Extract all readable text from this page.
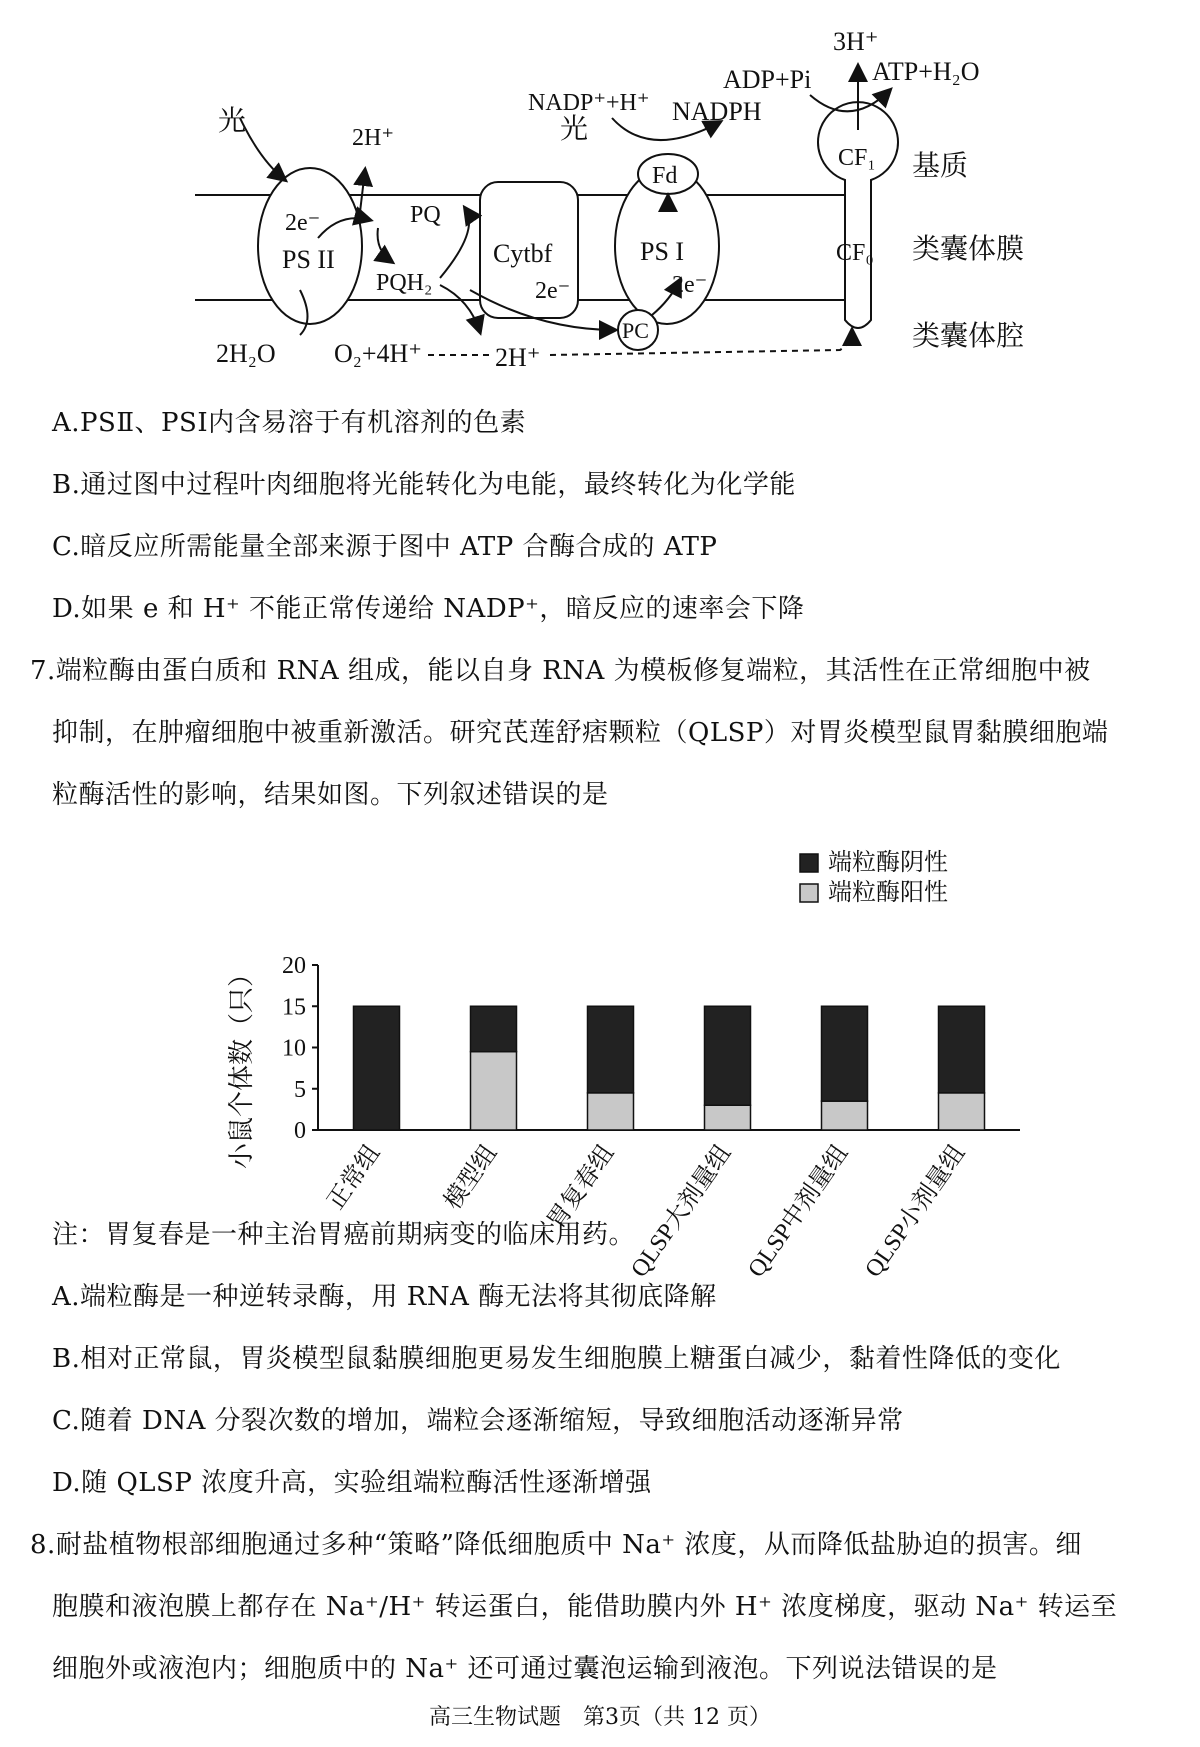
2e⁻
PS II	Cytbf
2e⁻
PS I
2e⁻
Fd
PC
CF₁
CF₀
基质
类囊体膜
类囊体腔
光
2H⁺
NADP⁺+H⁺
光
NADPH
ADP+Pi
3H⁺
ATP+H₂O
2H₂O O₂+4H⁺	2H⁺
PQ
PQH₂
A.PSⅡ、PSⅠ内含易溶于有机溶剂的色素
B.通过图中过程叶肉细胞将光能转化为电能，最终转化为化学能
C.暗反应所需能量全部来源于图中 ATP 合酶合成的 ATP
D.如果 e 和 H⁺ 不能正常传递给 NADP⁺，暗反应的速率会下降
7.端粒酶由蛋白质和 RNA 组成，能以自身 RNA 为模板修复端粒，其活性在正常细胞中被
抑制，在肿瘤细胞中被重新激活。研究芪莲舒痞颗粒（QLSP）对胃炎模型鼠胃黏膜细胞端
粒酶活性的影响，结果如图。下列叙述错误的是
0
5
10
15
20
正常组 模型组 胃复春组 QLSP大剂量组 QLSP中剂量组 QLSP小剂量组
端粒酶阴性
端粒酶阳性
小鼠个体数（只）
注：胃复春是一种主治胃癌前期病变的临床用药。
A.端粒酶是一种逆转录酶，用 RNA 酶无法将其彻底降解
B.相对正常鼠，胃炎模型鼠黏膜细胞更易发生细胞膜上糖蛋白减少，黏着性降低的变化
C.随着 DNA 分裂次数的增加，端粒会逐渐缩短，导致细胞活动逐渐异常
D.随 QLSP 浓度升高，实验组端粒酶活性逐渐增强
8.耐盐植物根部细胞通过多种“策略”降低细胞质中 Na⁺ 浓度，从而降低盐胁迫的损害。细
胞膜和液泡膜上都存在 Na⁺/H⁺ 转运蛋白，能借助膜内外 H⁺ 浓度梯度，驱动 Na⁺ 转运至
细胞外或液泡内；细胞质中的 Na⁺ 还可通过囊泡运输到液泡。下列说法错误的是
高三生物试题　第3页（共 12 页）
